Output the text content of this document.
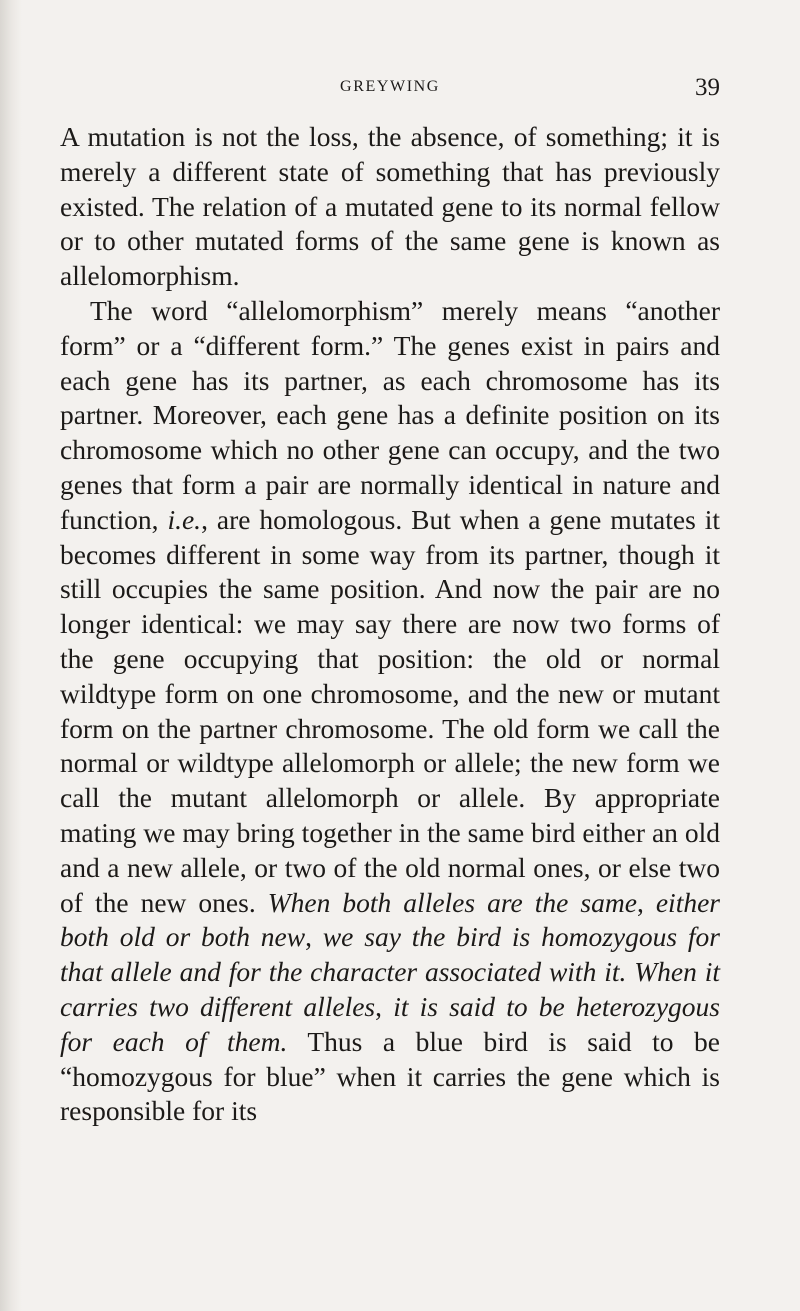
GREYWING	39

A mutation is not the loss, the absence, of something; it is merely a different state of something that has previously existed. The relation of a mutated gene to its normal fellow or to other mutated forms of the same gene is known as allelomorphism.

The word “allelomorphism” merely means “another form” or a “different form.” The genes exist in pairs and each gene has its partner, as each chromosome has its partner. Moreover, each gene has a definite position on its chromosome which no other gene can occupy, and the two genes that form a pair are normally identical in nature and function, i.e., are homologous. But when a gene mutates it becomes different in some way from its partner, though it still occupies the same position. And now the pair are no longer identical: we may say there are now two forms of the gene occupying that position: the old or normal wildtype form on one chromosome, and the new or mutant form on the partner chromosome. The old form we call the normal or wildtype allelomorph or allele; the new form we call the mutant allelomorph or allele. By appropriate mating we may bring together in the same bird either an old and a new allele, or two of the old normal ones, or else two of the new ones. When both alleles are the same, either both old or both new, we say the bird is homozygous for that allele and for the character associated with it. When it carries two different alleles, it is said to be heterozygous for each of them. Thus a blue bird is said to be “homozygous for blue” when it carries the gene which is responsible for its
